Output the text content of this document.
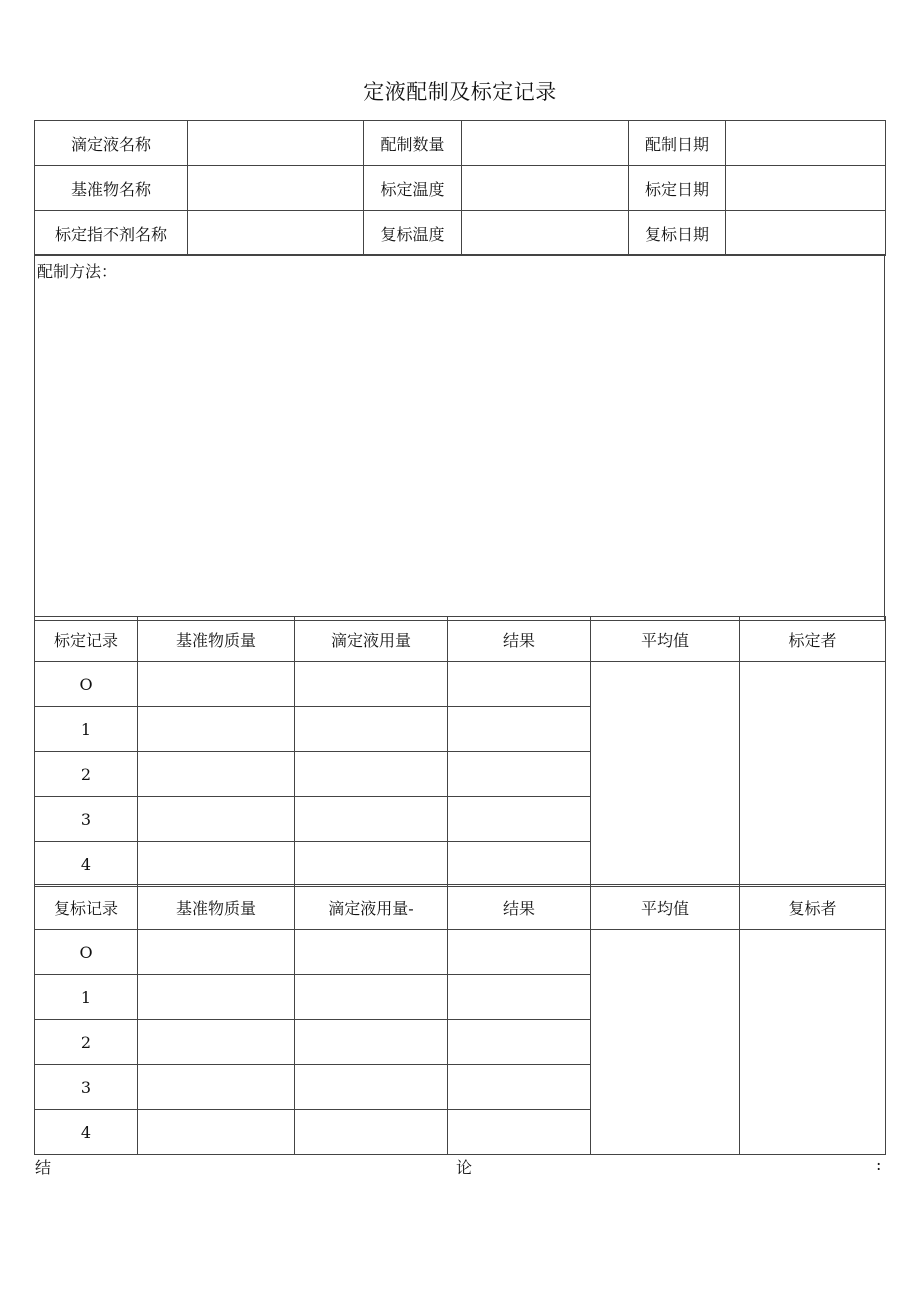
定液配制及标定记录
滴定液名称		配制数量		配制日期	
基准物名称		标定温度		标定日期	
标定指不剂名称		复标温度		复标日期	
配制方法：
标定记录	基准物质量	滴定液用量	结果	平均值	标定者
O					
1					
2					
3					
4					
复标记录	基准物质量	滴定液用量-	结果	平均值	复标者
O					
1					
2					
3					
4					
结	论	:
